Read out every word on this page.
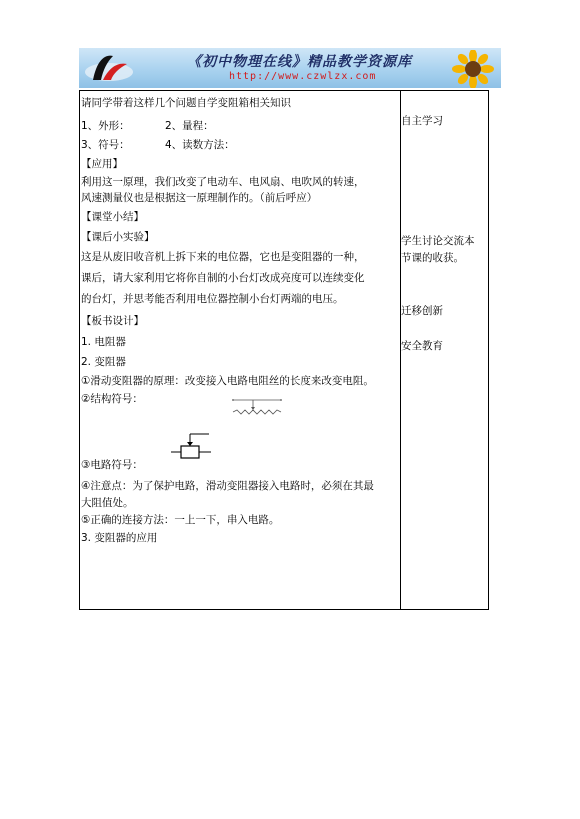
《初中物理在线》精品教学资源库
http://www.czwlzx.com
请同学带着这样几个问题自学变阻箱相关知识
1、外形：	2、量程：
3、符号：	4、读数方法：
【应用】
利用这一原理，我们改变了电动车、电风扇、电吹风的转速，
风速测量仪也是根据这一原理制作的。（前后呼应）
【课堂小结】
【课后小实验】
这是从废旧收音机上拆下来的电位器，它也是变阻器的一种，
课后，请大家利用它将你自制的小台灯改成亮度可以连续变化
的台灯，并思考能否利用电位器控制小台灯两端的电压。
【板书设计】
1. 电阻器
2. 变阻器
①滑动变阻器的原理：改变接入电路电阻丝的长度来改变电阻。
②结构符号：
③电路符号：
④注意点：为了保护电路，滑动变阻器接入电路时，必须在其最
大阻值处。
⑤正确的连接方法：一上一下，串入电路。
3. 变阻器的应用
自主学习
学生讨论交流本
节课的收获。
迁移创新
安全教育
